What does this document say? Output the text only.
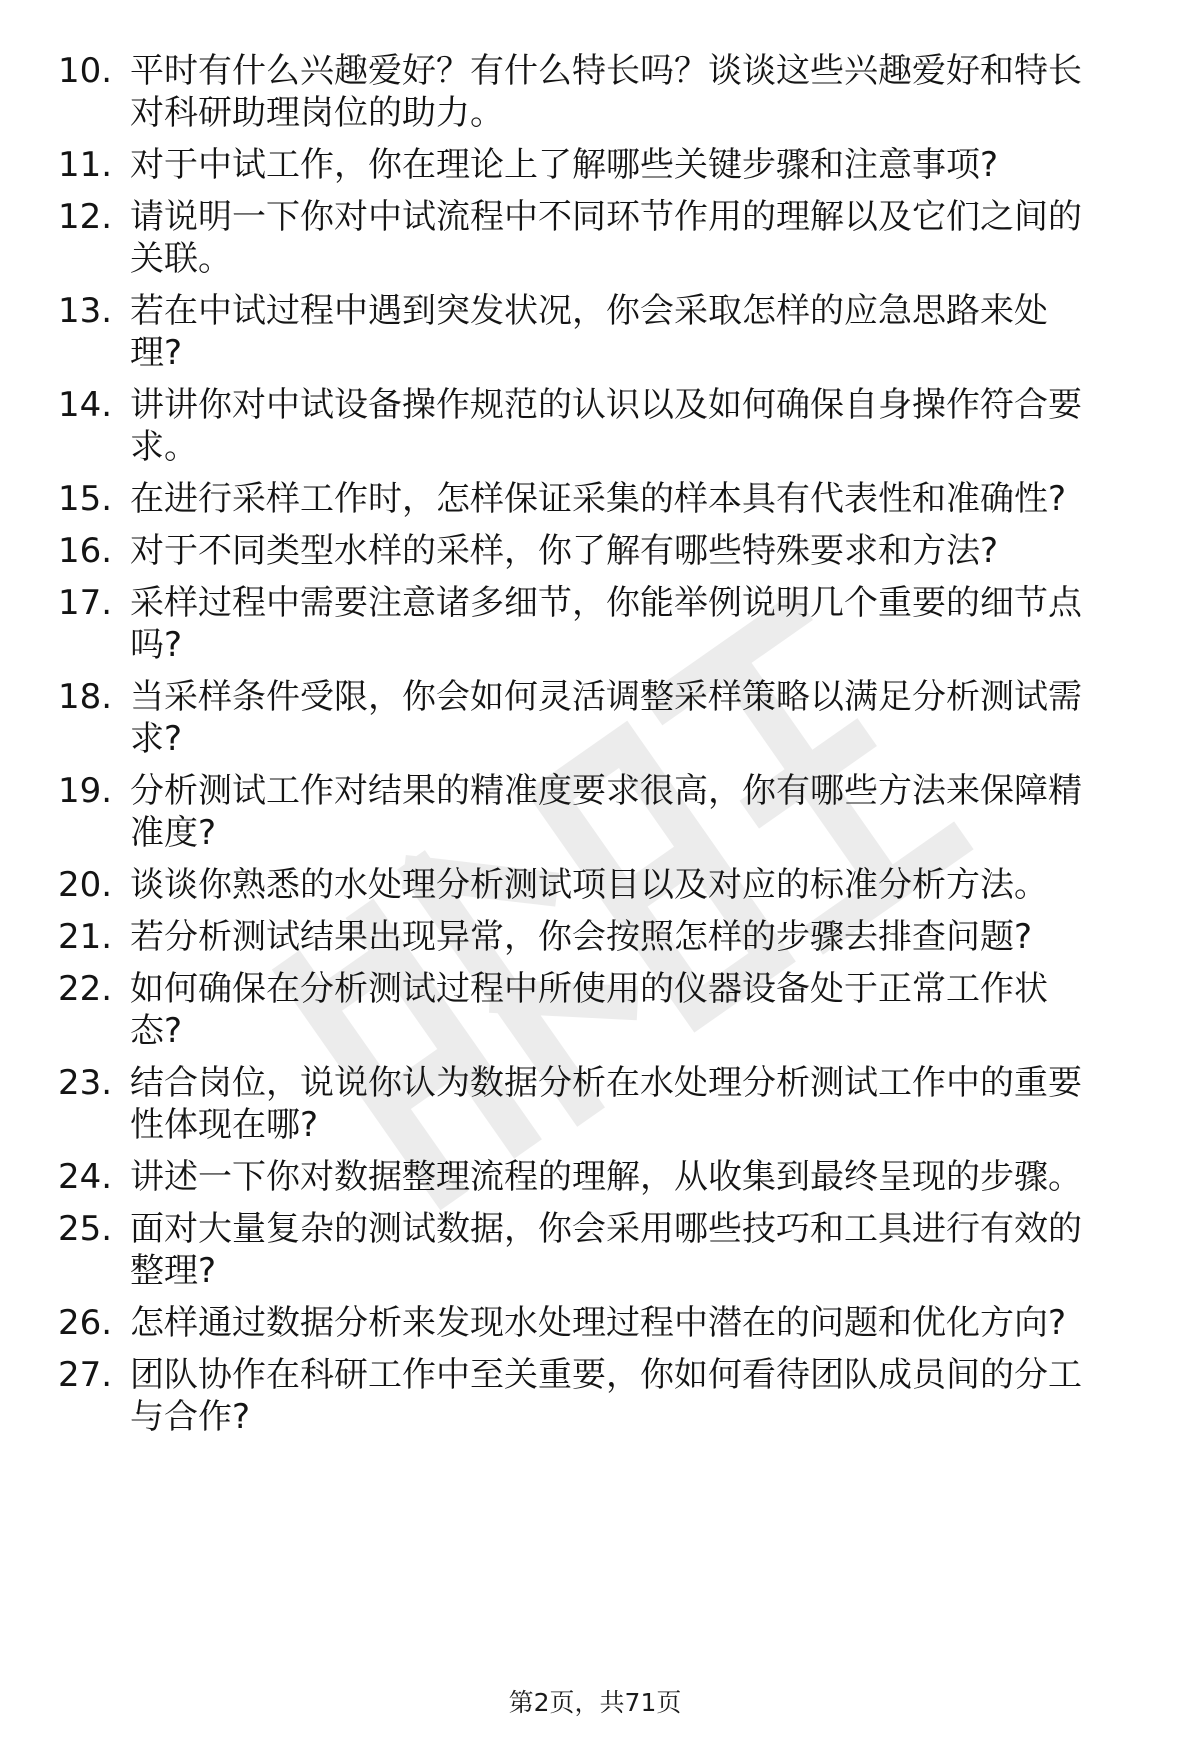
10. 平时有什么兴趣爱好？有什么特长吗？谈谈这些兴趣爱好和特长
对科研助理岗位的助力。
11. 对于中试工作，你在理论上了解哪些关键步骤和注意事项?
12. 请说明一下你对中试流程中不同环节作用的理解以及它们之间的
关联。
13. 若在中试过程中遇到突发状况，你会采取怎样的应急思路来处
理?
14. 讲讲你对中试设备操作规范的认识以及如何确保自身操作符合要
求。
15. 在进行采样工作时，怎样保证采集的样本具有代表性和准确性?
16. 对于不同类型水样的采样，你了解有哪些特殊要求和方法?
17. 采样过程中需要注意诸多细节，你能举例说明几个重要的细节点
吗?
18. 当采样条件受限，你会如何灵活调整采样策略以满足分析测试需
求?
19. 分析测试工作对结果的精准度要求很高，你有哪些方法来保障精
准度?
20. 谈谈你熟悉的水处理分析测试项目以及对应的标准分析方法。
21. 若分析测试结果出现异常，你会按照怎样的步骤去排查问题?
22. 如何确保在分析测试过程中所使用的仪器设备处于正常工作状
态?
23. 结合岗位，说说你认为数据分析在水处理分析测试工作中的重要
性体现在哪?
24. 讲述一下你对数据整理流程的理解，从收集到最终呈现的步骤。
25. 面对大量复杂的测试数据，你会采用哪些技巧和工具进行有效的
整理?
26. 怎样通过数据分析来发现水处理过程中潜在的问题和优化方向?
27. 团队协作在科研工作中至关重要，你如何看待团队成员间的分工
与合作?
第2页，共71页
